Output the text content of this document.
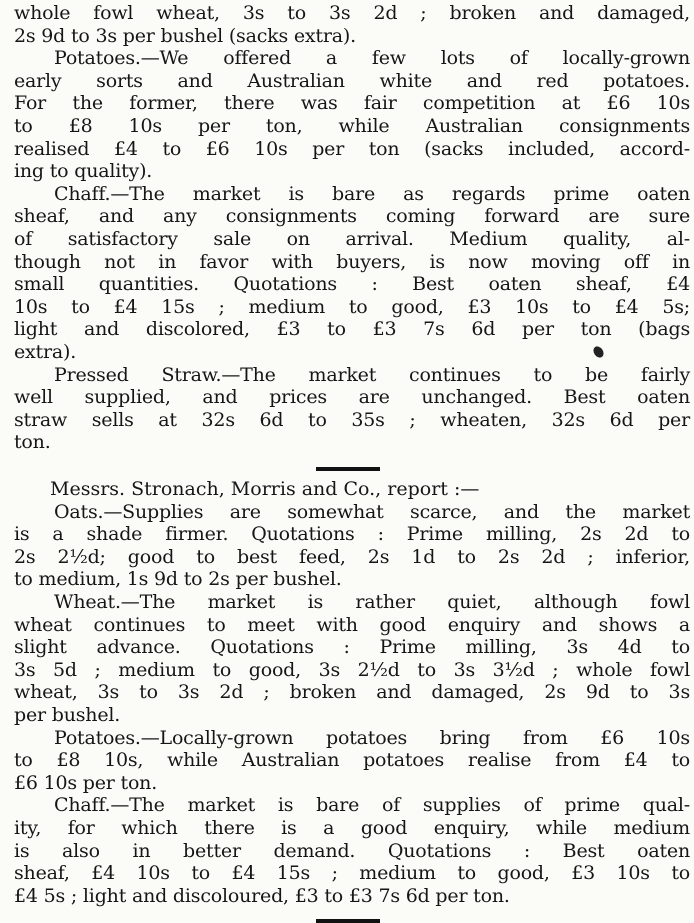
whole fowl wheat, 3s to 3s 2d ; broken and damaged,
2s 9d to 3s per bushel (sacks extra).
Potatoes.—We offered a few lots of locally-grown
early sorts and Australian white and red potatoes.
For the former, there was fair competition at £6 10s
to £8 10s per ton, while Australian consignments
realised £4 to £6 10s per ton (sacks included, accord-
ing to quality).
Chaff.—The market is bare as regards prime oaten
sheaf, and any consignments coming forward are sure
of satisfactory sale on arrival. Medium quality, al-
though not in favor with buyers, is now moving off in
small quantities. Quotations : Best oaten sheaf, £4
10s to £4 15s ; medium to good, £3 10s to £4 5s;
light and discolored, £3 to £3 7s 6d per ton (bags
extra).
Pressed Straw.—The market continues to be fairly
well supplied, and prices are unchanged. Best oaten
straw sells at 32s 6d to 35s ; wheaten, 32s 6d per
ton.
Messrs. Stronach, Morris and Co., report :—
Oats.—Supplies are somewhat scarce, and the market
is a shade firmer. Quotations : Prime milling, 2s 2d to
2s 2½d; good to best feed, 2s 1d to 2s 2d ; inferior,
to medium, 1s 9d to 2s per bushel.
Wheat.—The market is rather quiet, although fowl
wheat continues to meet with good enquiry and shows a
slight advance. Quotations : Prime milling, 3s 4d to
3s 5d ; medium to good, 3s 2½d to 3s 3½d ; whole fowl
wheat, 3s to 3s 2d ; broken and damaged, 2s 9d to 3s
per bushel.
Potatoes.—Locally-grown potatoes bring from £6 10s
to £8 10s, while Australian potatoes realise from £4 to
£6 10s per ton.
Chaff.—The market is bare of supplies of prime qual-
ity, for which there is a good enquiry, while medium
is also in better demand. Quotations : Best oaten
sheaf, £4 10s to £4 15s ; medium to good, £3 10s to
£4 5s ; light and discoloured, £3 to £3 7s 6d per ton.
